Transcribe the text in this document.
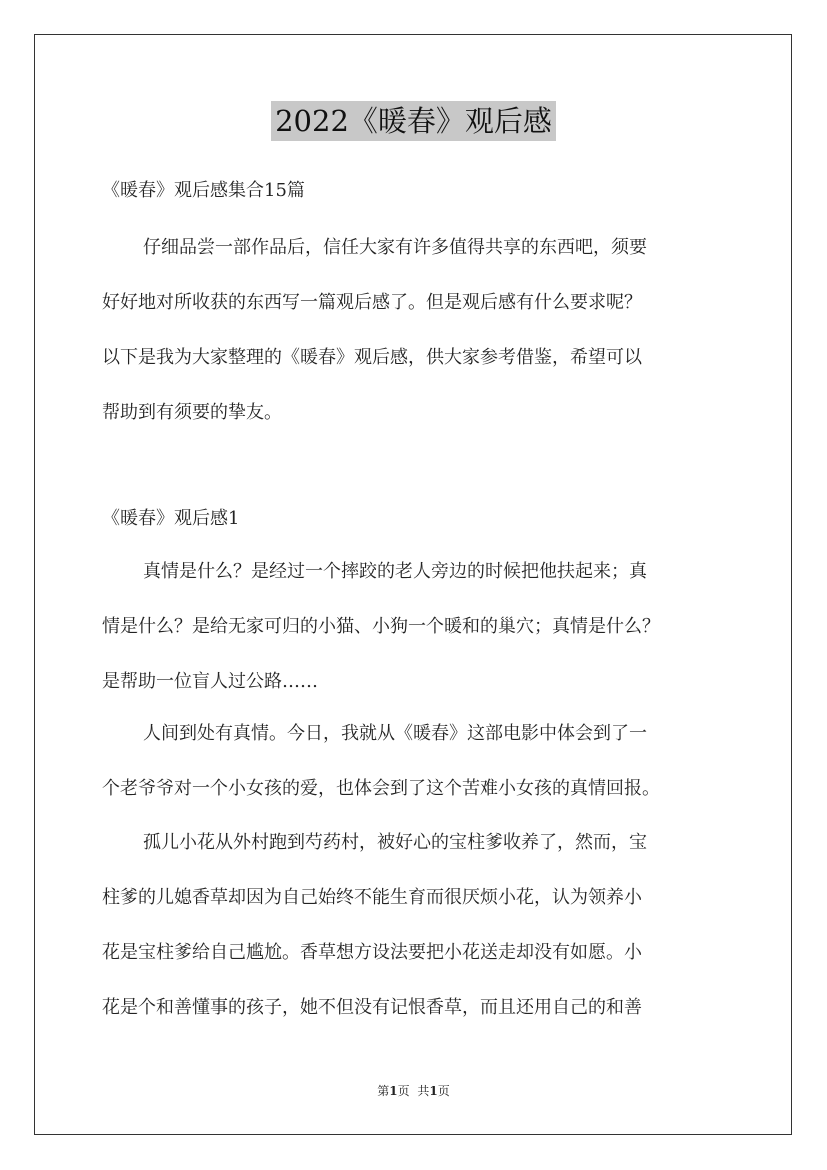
2022《暖春》观后感
《暖春》观后感集合15篇
仔细品尝一部作品后，信任大家有许多值得共享的东西吧，须要
好好地对所收获的东西写一篇观后感了。但是观后感有什么要求呢？
以下是我为大家整理的《暖春》观后感，供大家参考借鉴，希望可以
帮助到有须要的挚友。
《暖春》观后感1
真情是什么？是经过一个摔跤的老人旁边的时候把他扶起来；真
情是什么？是给无家可归的小猫、小狗一个暖和的巢穴；真情是什么？
是帮助一位盲人过公路……
人间到处有真情。今日，我就从《暖春》这部电影中体会到了一
个老爷爷对一个小女孩的爱，也体会到了这个苦难小女孩的真情回报。
孤儿小花从外村跑到芍药村，被好心的宝柱爹收养了，然而，宝
柱爹的儿媳香草却因为自己始终不能生育而很厌烦小花，认为领养小
花是宝柱爹给自己尴尬。香草想方设法要把小花送走却没有如愿。小
花是个和善懂事的孩子，她不但没有记恨香草，而且还用自己的和善
第1页 共1页
